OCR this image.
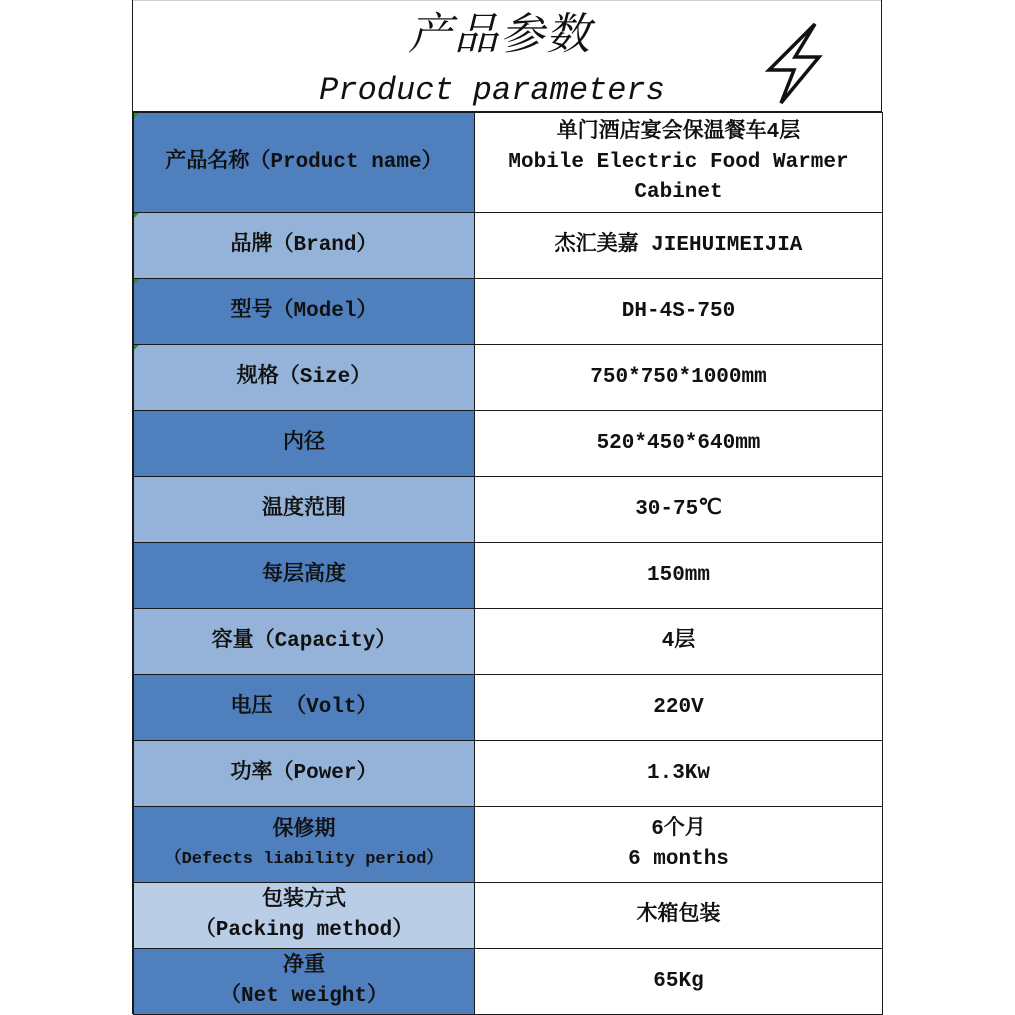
产品参数
Product parameters
产品名称（Product name）	单门酒店宴会保温餐车4层
Mobile Electric Food Warmer
Cabinet

品牌（Brand）	杰汇美嘉 JIEHUIMEIJIA

型号（Model）	DH-4S-750

规格（Size）	750*750*1000mm
内径	520*450*640mm
温度范围	30-75℃
每层高度	150mm
容量（Capacity）	4层
电压 （Volt）	220V
功率（Power）	1.3Kw

保修期
（Defects liability period）	6个月
6 months

包装方式
（Packing method）	木箱包装

净重
（Net weight）	65Kg
